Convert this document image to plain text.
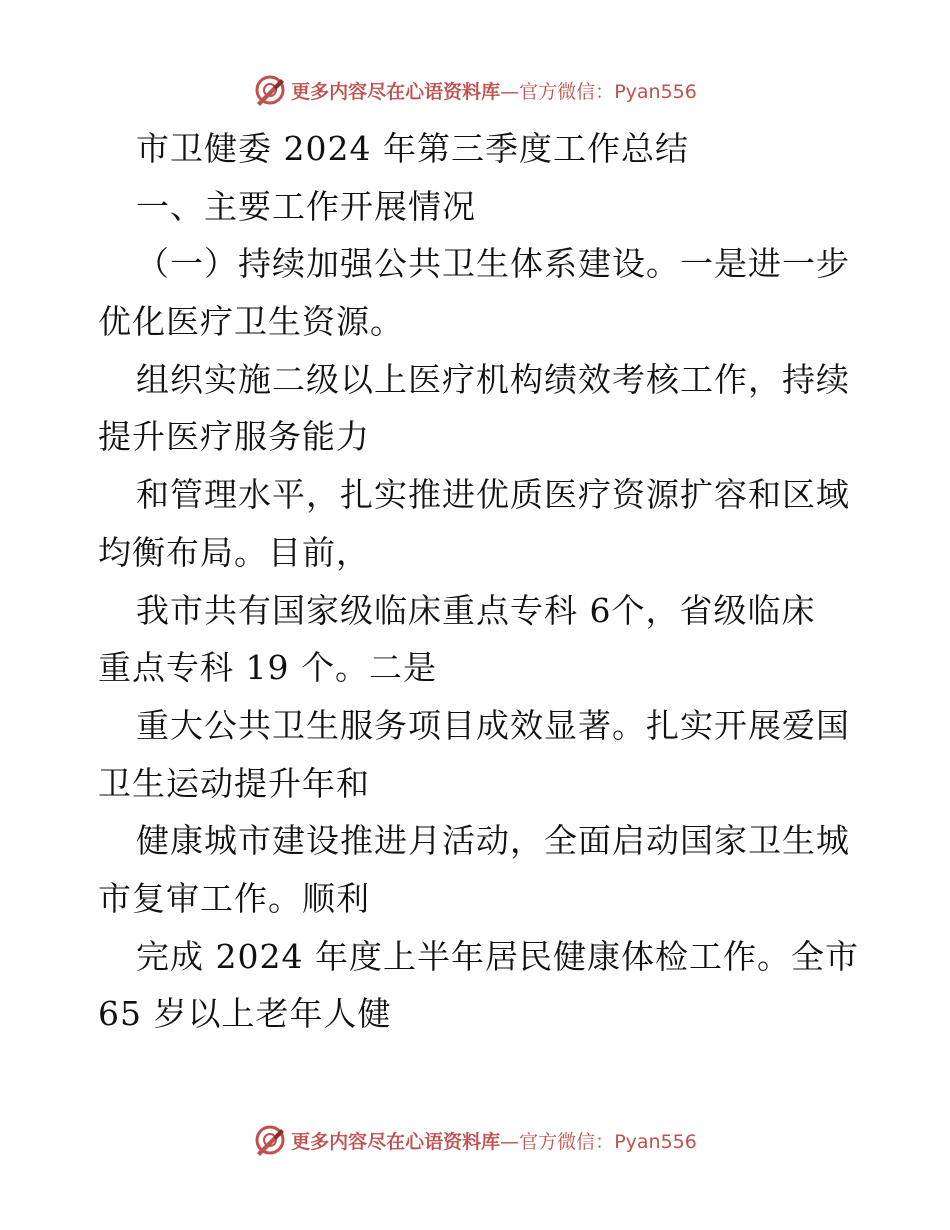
更多内容尽在心语资料库—官方微信：Pyan556
市卫健委 2024 年第三季度工作总结
一、主要工作开展情况
（一）持续加强公共卫生体系建设。一是进一步
优化医疗卫生资源。
组织实施二级以上医疗机构绩效考核工作，持续
提升医疗服务能力
和管理水平，扎实推进优质医疗资源扩容和区域
均衡布局。目前，
我市共有国家级临床重点专科 6个，省级临床
重点专科 19 个。二是
重大公共卫生服务项目成效显著。扎实开展爱国
卫生运动提升年和
健康城市建设推进月活动，全面启动国家卫生城
市复审工作。顺利
完成 2024 年度上半年居民健康体检工作。全市
65 岁以上老年人健
更多内容尽在心语资料库—官方微信：Pyan556
